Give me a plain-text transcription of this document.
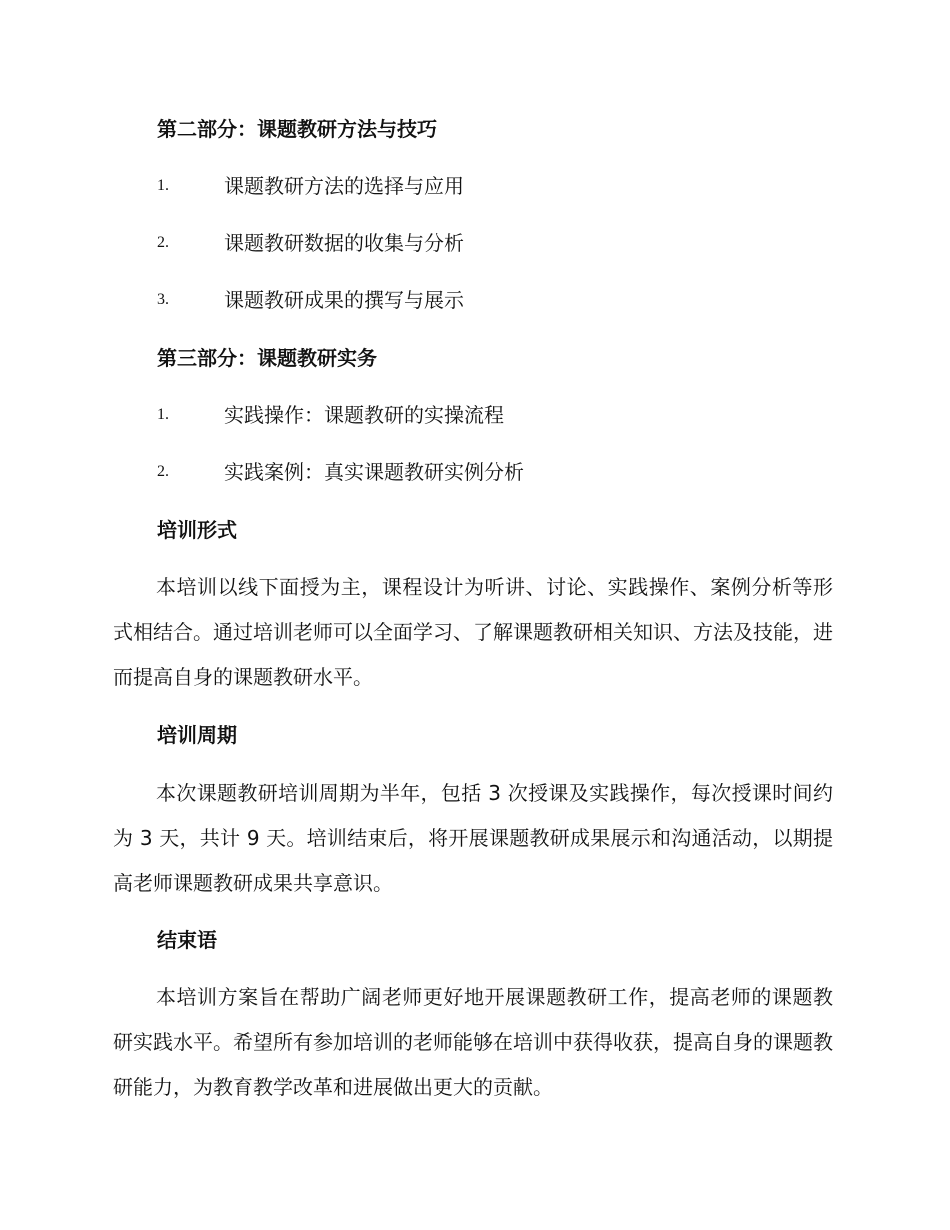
第二部分：课题教研方法与技巧
1.	课题教研方法的选择与应用
2.	课题教研数据的收集与分析
3.	课题教研成果的撰写与展示
第三部分：课题教研实务
1.	实践操作：课题教研的实操流程
2.	实践案例：真实课题教研实例分析
培训形式

本培训以线下面授为主，课程设计为听讲、讨论、实践操作、案例分析等形式相结合。通过培训老师可以全面学习、了解课题教研相关知识、方法及技能，进而提高自身的课题教研水平。

培训周期

本次课题教研培训周期为半年，包括 3 次授课及实践操作，每次授课时间约为 3 天，共计 9 天。培训结束后，将开展课题教研成果展示和沟通活动，以期提高老师课题教研成果共享意识。

结束语

本培训方案旨在帮助广阔老师更好地开展课题教研工作，提高老师的课题教研实践水平。希望所有参加培训的老师能够在培训中获得收获，提高自身的课题教研能力，为教育教学改革和进展做出更大的贡献。
